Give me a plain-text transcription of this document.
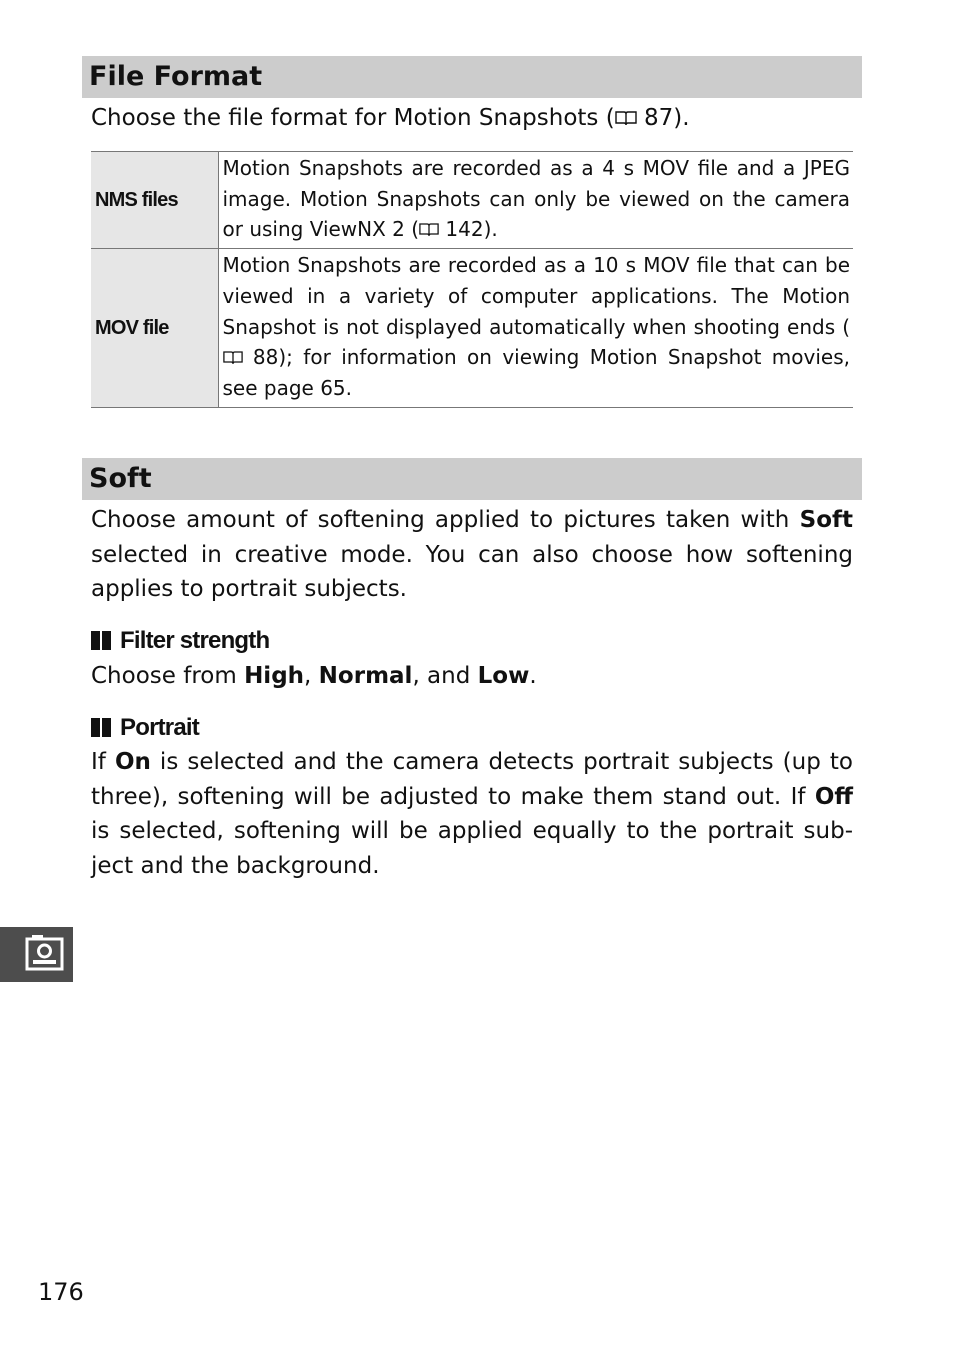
File Format

Choose the file format for Motion Snapshots ( 87).

NMS files	Motion Snapshots are recorded as a 4 s MOV file and a JPEG image. Motion Snapshots can only be viewed on the camera or using ViewNX 2 ( 142).
MOV file	Motion Snapshots are recorded as a 10 s MOV file that can be viewed in a variety of computer applications. The Motion Snapshot is not displayed automatically when shooting ends ( 88); for information on viewing Motion Snapshot movies, see page 65.
Soft

Choose amount of softening applied to pictures taken with Soft selected in creative mode. You can also choose how softening applies to portrait subjects.

Filter strength

Choose from High, Normal, and Low.

Portrait

If On is selected and the camera detects portrait subjects (up to three), softening will be adjusted to make them stand out. If Off is selected, softening will be applied equally to the portrait subject and the background.

176
